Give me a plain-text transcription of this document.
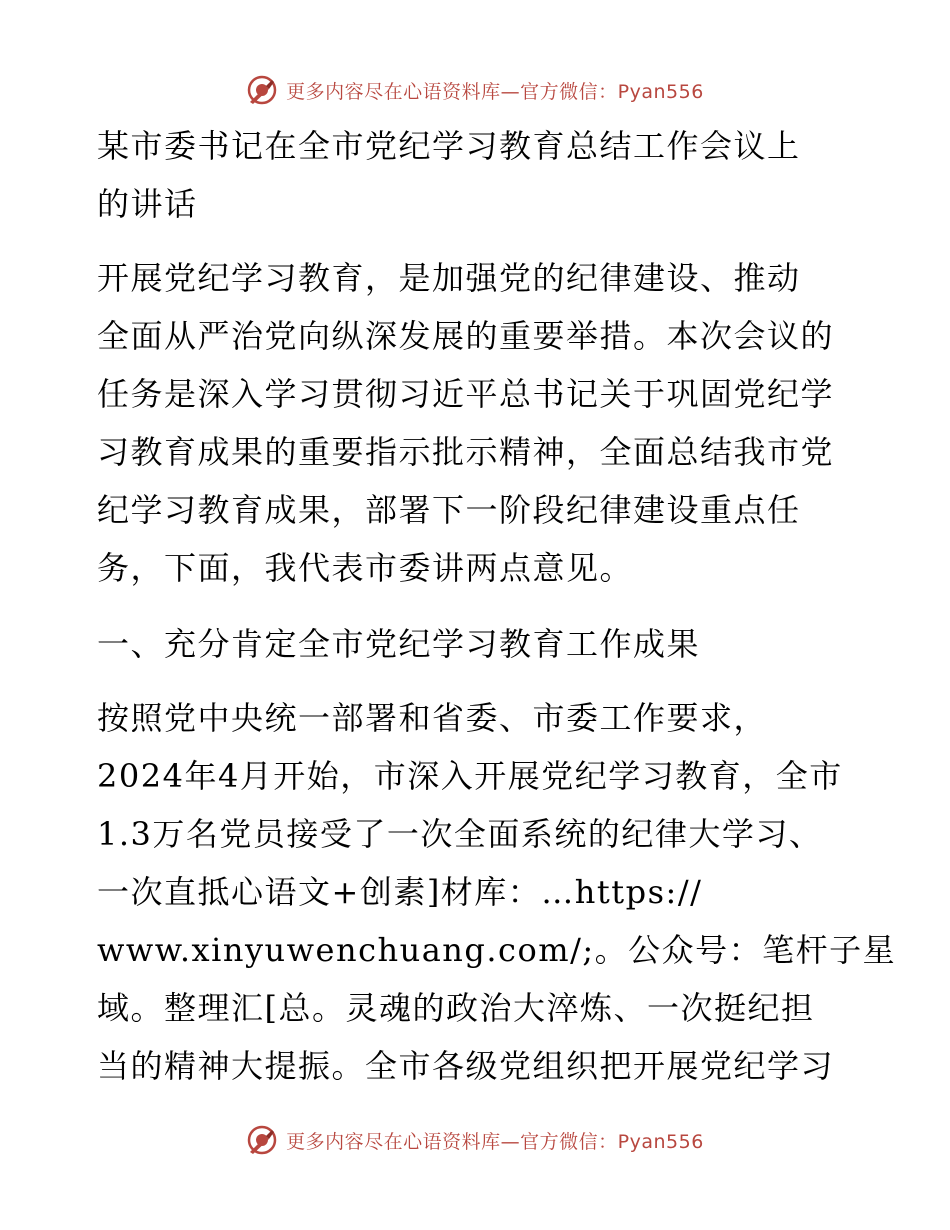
更多内容尽在心语资料库—官方微信：Pyan556
某市委书记在全市党纪学习教育总结工作会议上
的讲话
开展党纪学习教育，是加强党的纪律建设、推动
全面从严治党向纵深发展的重要举措。本次会议的
任务是深入学习贯彻习近平总书记关于巩固党纪学
习教育成果的重要指示批示精神，全面总结我市党
纪学习教育成果，部署下一阶段纪律建设重点任
务，下面，我代表市委讲两点意见。
一、充分肯定全市党纪学习教育工作成果
按照党中央统一部署和省委、市委工作要求，
2024年4月开始，市深入开展党纪学习教育，全市
1.3万名党员接受了一次全面系统的纪律大学习、
一次直抵心语文+创素]材库：…https://
www.xinyuwenchuang.com/;。公众号：笔杆子星
域。整理汇[总。灵魂的政治大淬炼、一次挺纪担
当的精神大提振。全市各级党组织把开展党纪学习
更多内容尽在心语资料库—官方微信：Pyan556
